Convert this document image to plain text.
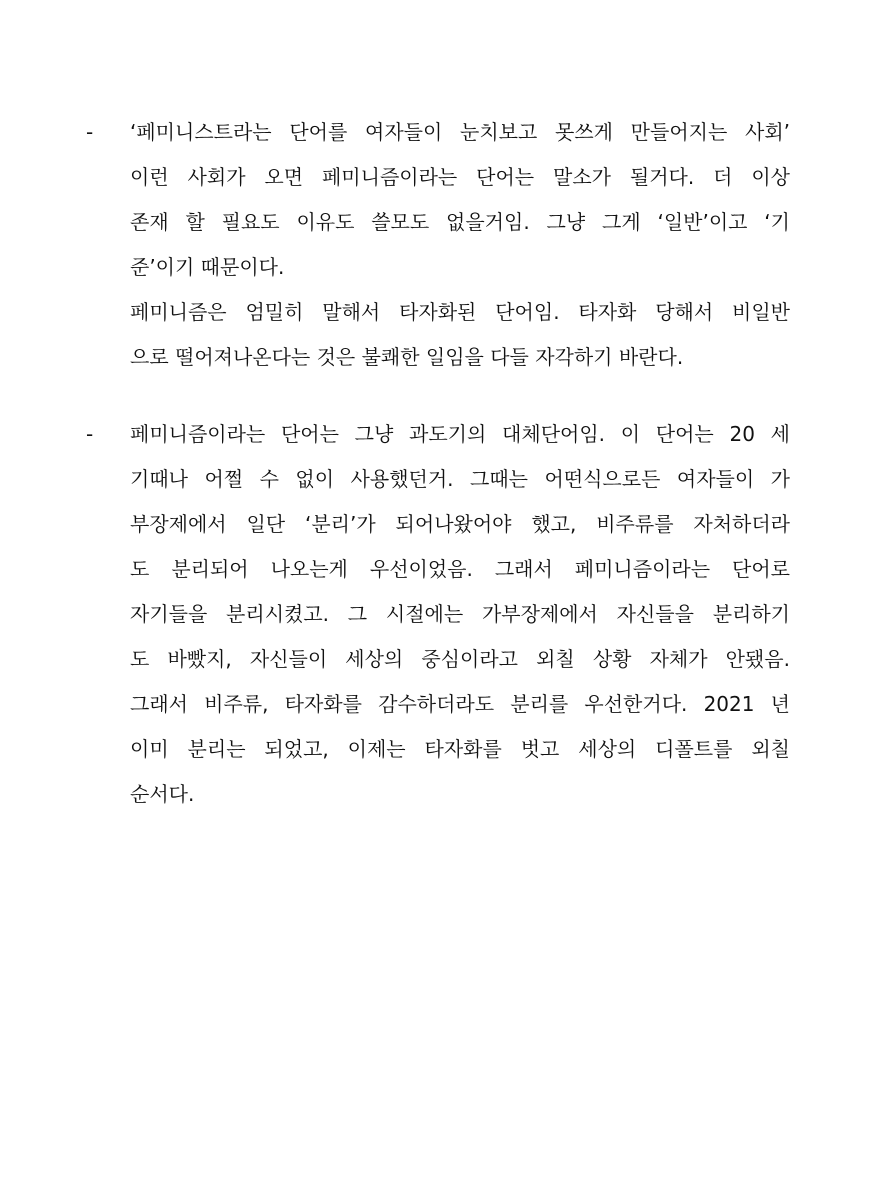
- ‘페미니스트라는 단어를 여자들이 눈치보고 못쓰게 만들어지는 사회’
이런 사회가 오면 페미니즘이라는 단어는 말소가 될거다. 더 이상
존재 할 필요도 이유도 쓸모도 없을거임. 그냥 그게 ‘일반’이고 ‘기
준’이기 때문이다.
페미니즘은 엄밀히 말해서 타자화된 단어임. 타자화 당해서 비일반
으로 떨어져나온다는 것은 불쾌한 일임을 다들 자각하기 바란다.
- 페미니즘이라는 단어는 그냥 과도기의 대체단어임. 이 단어는 20 세
기때나 어쩔 수 없이 사용했던거. 그때는 어떤식으로든 여자들이 가
부장제에서 일단 ‘분리’가 되어나왔어야 했고, 비주류를 자처하더라
도 분리되어 나오는게 우선이었음. 그래서 페미니즘이라는 단어로
자기들을 분리시켰고. 그 시절에는 가부장제에서 자신들을 분리하기
도 바빴지, 자신들이 세상의 중심이라고 외칠 상황 자체가 안됐음.
그래서 비주류, 타자화를 감수하더라도 분리를 우선한거다. 2021 년
이미 분리는 되었고, 이제는 타자화를 벗고 세상의 디폴트를 외칠
순서다.
